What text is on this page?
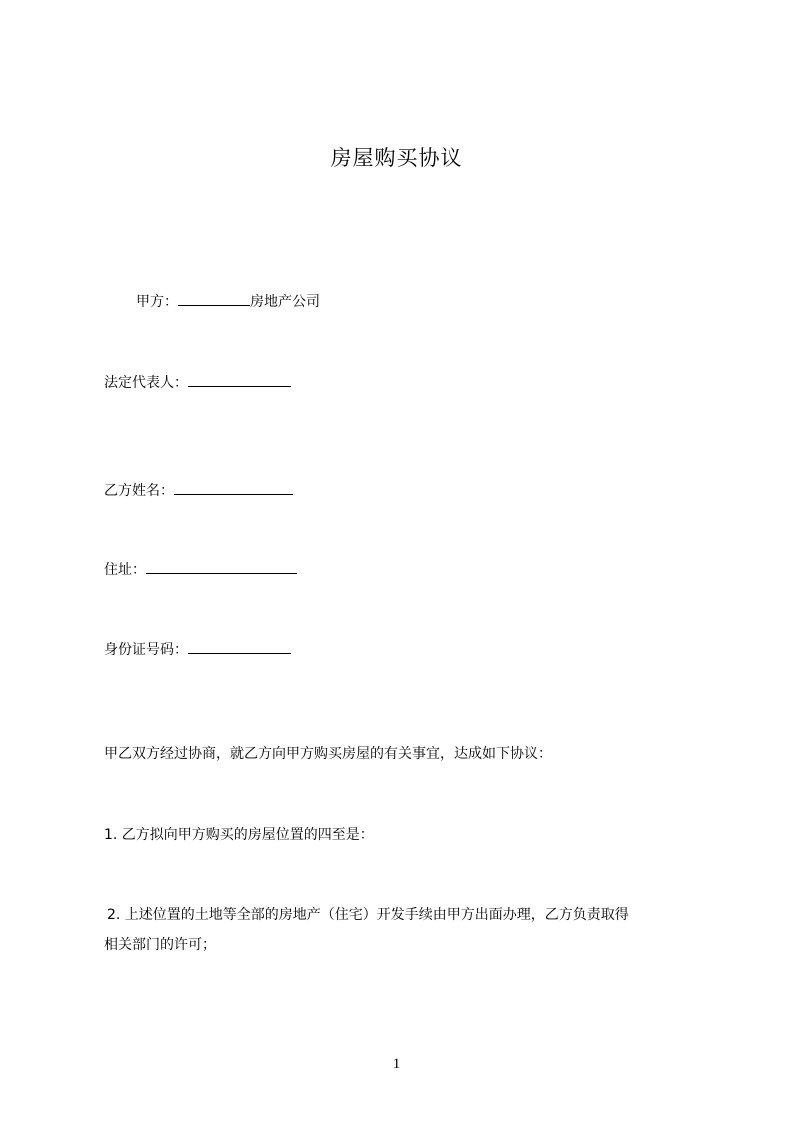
房屋购买协议
甲方：	房地产公司
法定代表人：
乙方姓名：
住址：
身份证号码：
甲乙双方经过协商，就乙方向甲方购买房屋的有关事宜，达成如下协议：
1. 乙方拟向甲方购买的房屋位置的四至是：
2. 上述位置的土地等全部的房地产（住宅）开发手续由甲方出面办理，乙方负责取得
相关部门的许可；
1
